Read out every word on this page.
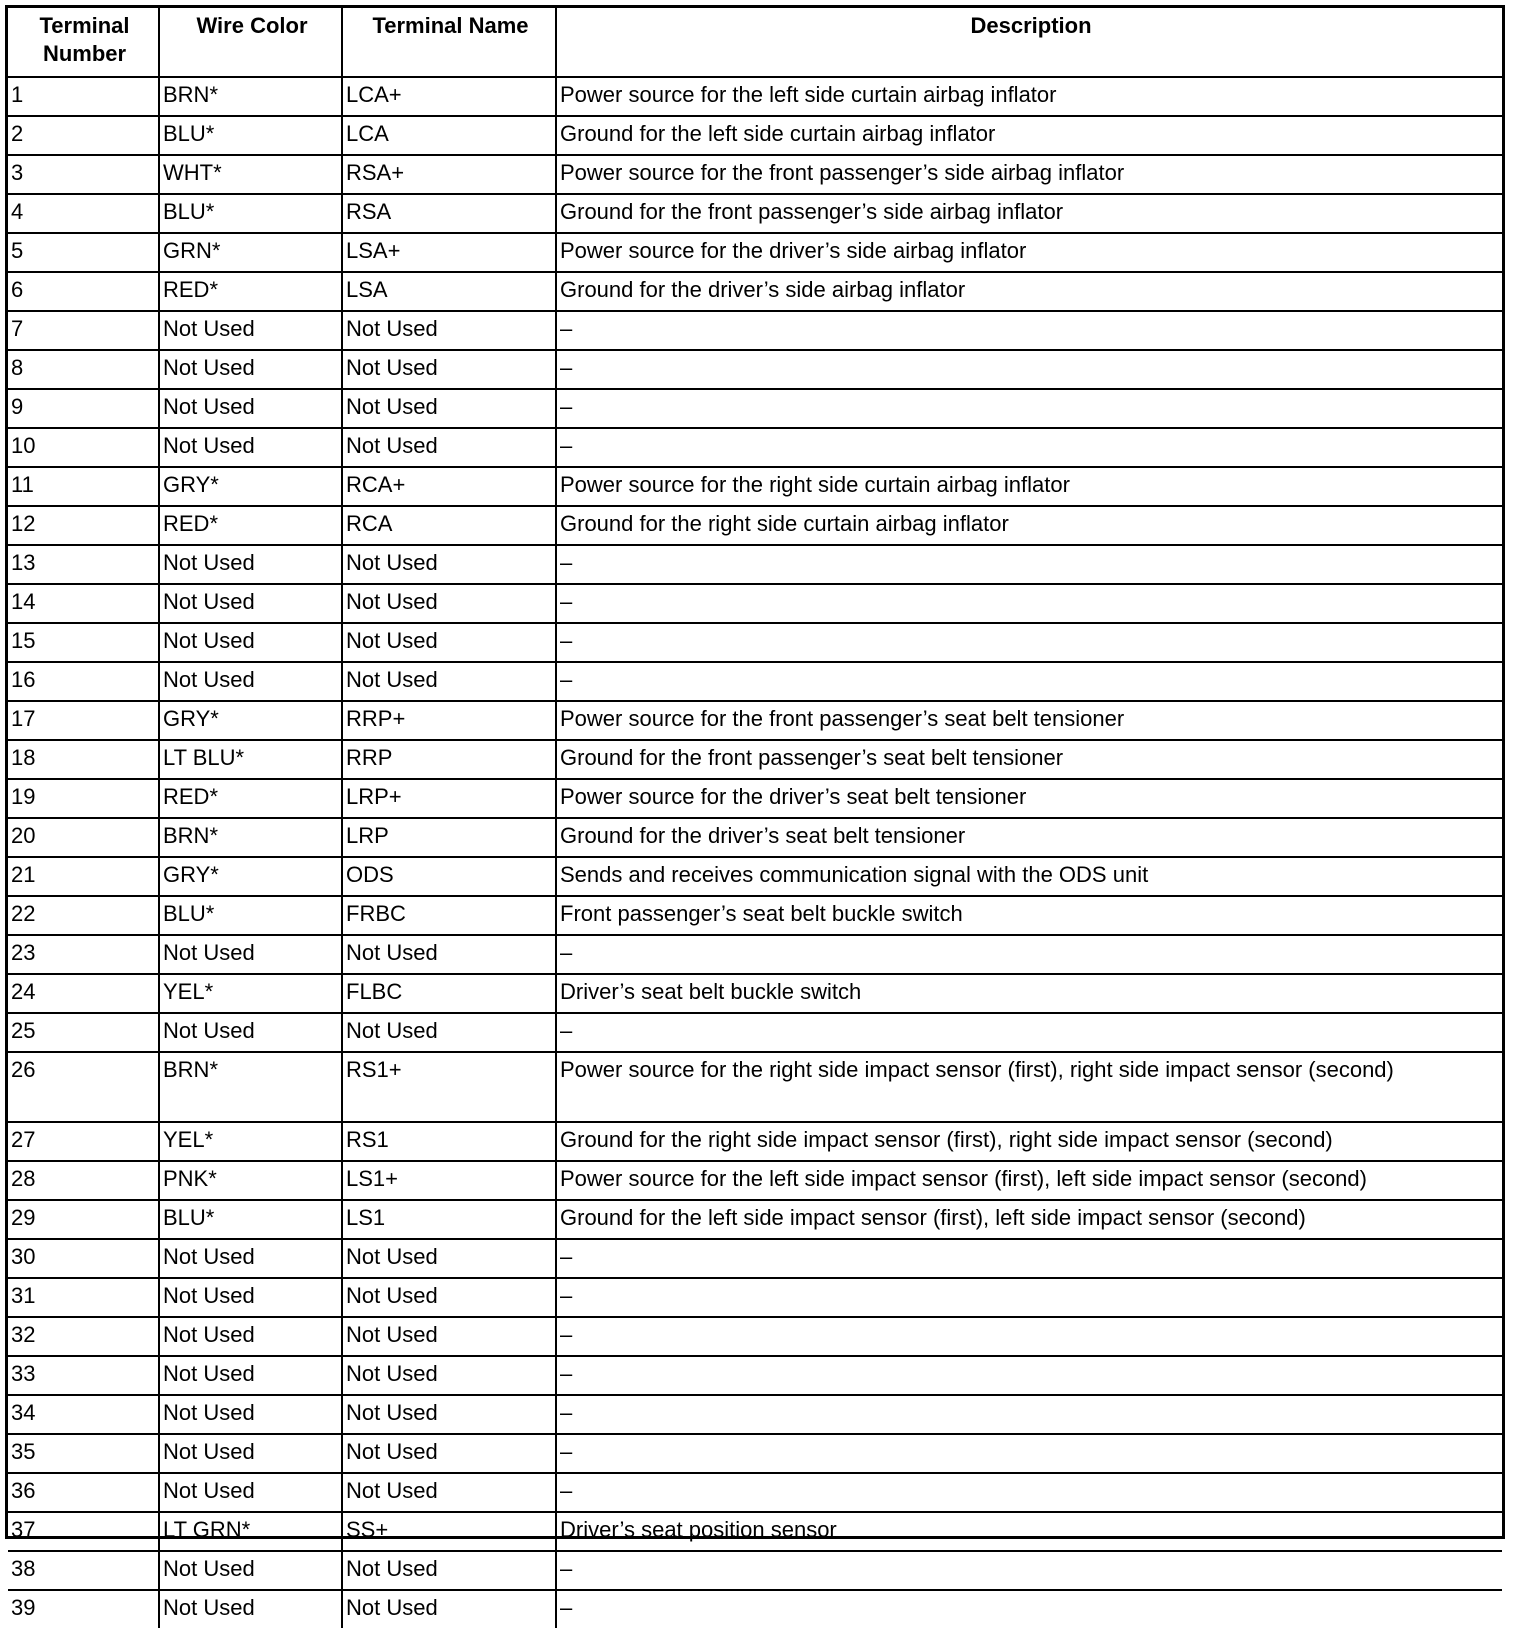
Terminal Number	Wire Color	Terminal Name	Description
1	BRN*	LCA+	Power source for the left side curtain airbag inflator
2	BLU*	LCA	Ground for the left side curtain airbag inflator
3	WHT*	RSA+	Power source for the front passenger’s side airbag inflator
4	BLU*	RSA	Ground for the front passenger’s side airbag inflator
5	GRN*	LSA+	Power source for the driver’s side airbag inflator
6	RED*	LSA	Ground for the driver’s side airbag inflator
7	Not Used	Not Used	–
8	Not Used	Not Used	–
9	Not Used	Not Used	–
10	Not Used	Not Used	–
11	GRY*	RCA+	Power source for the right side curtain airbag inflator
12	RED*	RCA	Ground for the right side curtain airbag inflator
13	Not Used	Not Used	–
14	Not Used	Not Used	–
15	Not Used	Not Used	–
16	Not Used	Not Used	–
17	GRY*	RRP+	Power source for the front passenger’s seat belt tensioner
18	LT BLU*	RRP	Ground for the front passenger’s seat belt tensioner
19	RED*	LRP+	Power source for the driver’s seat belt tensioner
20	BRN*	LRP	Ground for the driver’s seat belt tensioner
21	GRY*	ODS	Sends and receives communication signal with the ODS unit
22	BLU*	FRBC	Front passenger’s seat belt buckle switch
23	Not Used	Not Used	–
24	YEL*	FLBC	Driver’s seat belt buckle switch
25	Not Used	Not Used	–
26	BRN*	RS1+	Power source for the right side impact sensor (first), right side impact sensor (second)
27	YEL*	RS1	Ground for the right side impact sensor (first), right side impact sensor (second)
28	PNK*	LS1+	Power source for the left side impact sensor (first), left side impact sensor (second)
29	BLU*	LS1	Ground for the left side impact sensor (first), left side impact sensor (second)
30	Not Used	Not Used	–
31	Not Used	Not Used	–
32	Not Used	Not Used	–
33	Not Used	Not Used	–
34	Not Used	Not Used	–
35	Not Used	Not Used	–
36	Not Used	Not Used	–
37	LT GRN*	SS+	Driver’s seat position sensor
38	Not Used	Not Used	–
39	Not Used	Not Used	–
